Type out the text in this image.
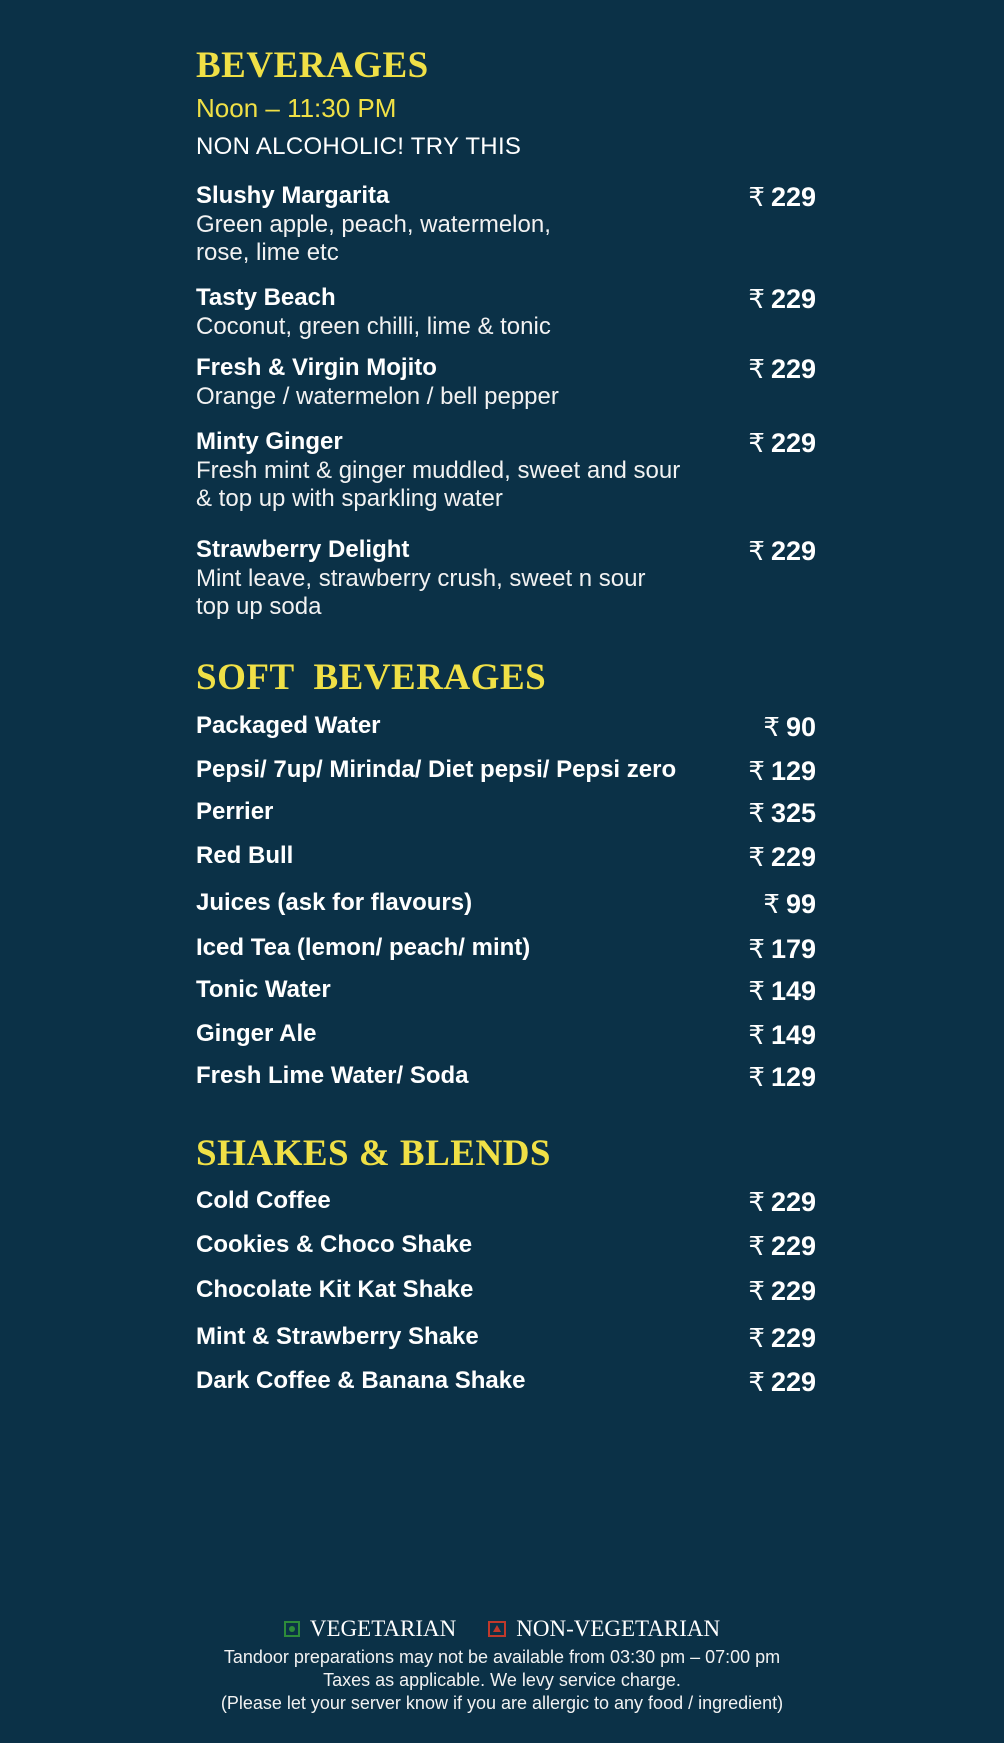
BEVERAGES
Noon – 11:30 PM
NON ALCOHOLIC! TRY THIS
Slushy Margarita
Green apple, peach, watermelon,
rose, lime etc
₹ 229
Tasty Beach
Coconut, green chilli, lime & tonic
₹ 229
Fresh & Virgin Mojito
Orange / watermelon / bell pepper
₹ 229
Minty Ginger
Fresh mint & ginger muddled, sweet and sour
& top up with sparkling water
₹ 229
Strawberry Delight
Mint leave, strawberry crush, sweet n sour
top up soda
₹ 229
SOFT  BEVERAGES
Packaged Water	₹ 90
Pepsi/ 7up/ Mirinda/ Diet pepsi/ Pepsi zero	₹ 129
Perrier	₹ 325
Red Bull	₹ 229
Juices (ask for flavours)	₹ 99
Iced Tea (lemon/ peach/ mint)	₹ 179
Tonic Water	₹ 149
Ginger Ale	₹ 149
Fresh Lime Water/ Soda	₹ 129
SHAKES & BLENDS
Cold Coffee	₹ 229
Cookies & Choco Shake	₹ 229
Chocolate Kit Kat Shake	₹ 229
Mint & Strawberry Shake	₹ 229
Dark Coffee & Banana Shake	₹ 229
VEGETARIAN	NON-VEGETARIAN
Tandoor preparations may not be available from 03:30 pm – 07:00 pm
Taxes as applicable. We levy service charge.
(Please let your server know if you are allergic to any food / ingredient)
